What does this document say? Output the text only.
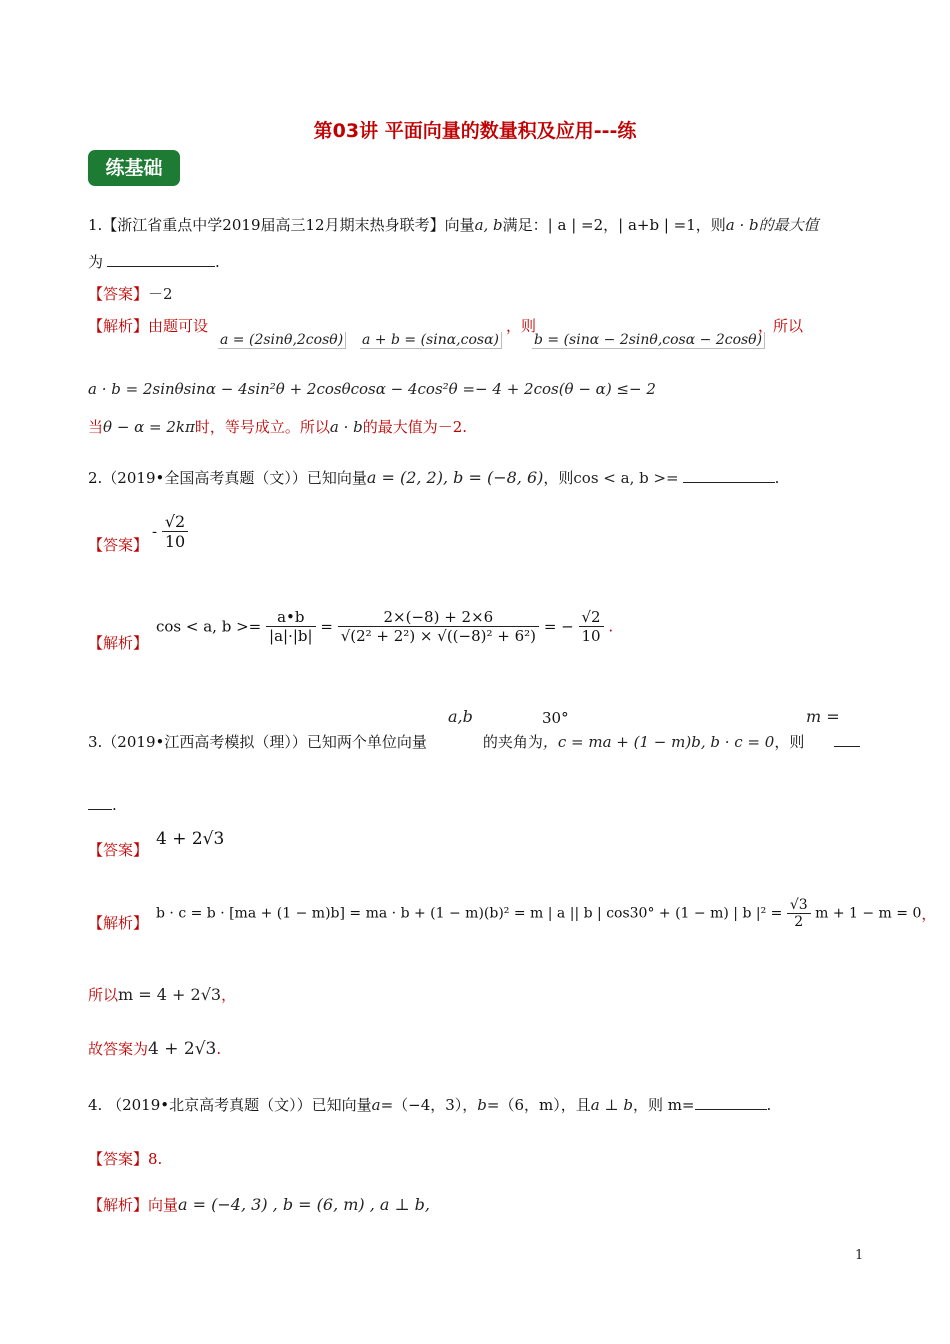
第03讲 平面向量的数量积及应用---练
练基础
1.【浙江省重点中学2019届高三12月期末热身联考】向量a, b满足：| a | =2，| a+b | =1，则a · b的最大值
为	.
【答案】－2
【解析】由题可设
a = (2sinθ,2cosθ) a + b = (sinα,cosα)
，则
b = (sinα − 2sinθ,cosα − 2cosθ)
，所以
a · b = 2sinθsinα − 4sin²θ + 2cosθcosα − 4cos²θ =− 4 + 2cos(θ − α) ≤− 2
当θ − α = 2kπ时，等号成立。所以a · b的最大值为－2.
2.（2019•全国高考真题（文））已知向量a = (2, 2), b = (−8, 6)，则cos < a, b >=	.
【答案】
- $\frac{√2}{10}$
【解析】
cos < a, $b >= \frac{a•b}{|a|\cdot|b|} = \frac{2\times(-8) + 2\times 6}{\text{√(2² + 2²) × √((−8)² + 6²)}}$ = − $\frac{√2}{10}$ .
a,b	30°	m =
3.（2019•江西高考模拟（理））已知两个单位向量	的夹角为，c = ma + (1 − m)b, b · c = 0，则
.
【答案】
4 + 2√3
【解析】
b · c = b · [ma + (1 − m)b] = ma · b + (1 − m)(b)² = m | a || b | cos30° + (1 − m) | b $|^2 = \frac{√3}{2}$ m + 1 − m = 0，
所以m = 4 + 2√3，
故答案为4 + 2√3.
4. （2019•北京高考真题（文））已知向量a=（−4，3），b=（6，m），且a ⊥ b，则 m=	.
【答案】8.
【解析】向量a = (−4, 3) , b = (6, m) , a ⊥ b,
1
